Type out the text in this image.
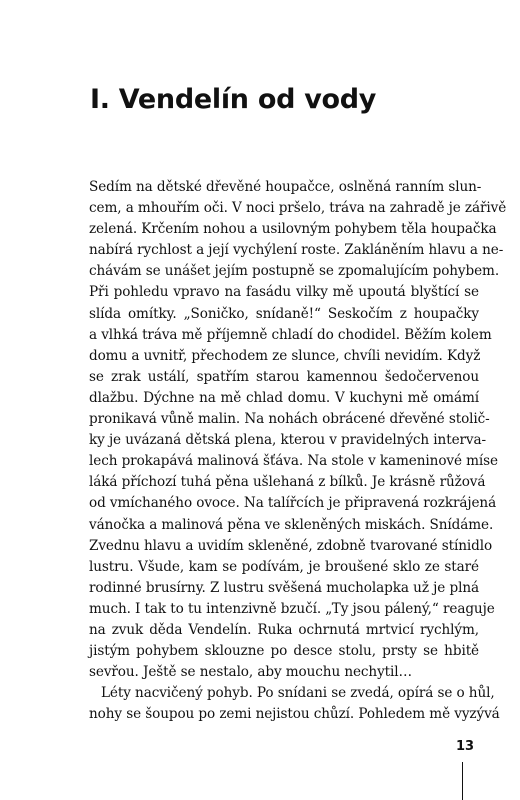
I. Vendelín od vody
Sedím na dětské dřevěné houpačce, oslněná ranním slun-
cem, a mhouřím oči. V noci pršelo, tráva na zahradě je zářivě
zelená. Krčením nohou a usilovným pohybem těla houpačka
nabírá rychlost a její vychýlení roste. Zakláněním hlavu a ne-
chávám se unášet jejím postupně se zpomalujícím pohybem.
Při pohledu vpravo na fasádu vilky mě upoutá blyštící se
slída omítky. „Soničko, snídaně!“ Seskočím z houpačky
a vlhká tráva mě příjemně chladí do chodidel. Běžím kolem
domu a uvnitř, přechodem ze slunce, chvíli nevidím. Když
se zrak ustálí, spatřím starou kamennou šedočervenou
dlažbu. Dýchne na mě chlad domu. V kuchyni mě omámí
pronikavá vůně malin. Na nohách obrácené dřevěné stolič-
ky je uvázaná dětská plena, kterou v pravidelných interva-
lech prokapává malinová šťáva. Na stole v kameninové míse
láká příchozí tuhá pěna ušlehaná z bílků. Je krásně růžová
od vmíchaného ovoce. Na talířcích je připravená rozkrájená
vánočka a malinová pěna ve skleněných miskách. Snídáme.
Zvednu hlavu a uvidím skleněné, zdobně tvarované stínidlo
lustru. Všude, kam se podívám, je broušené sklo ze staré
rodinné brusírny. Z lustru svěšená mucholapka už je plná
much. I tak to tu intenzivně bzučí. „Ty jsou pálený,“ reaguje
na zvuk děda Vendelín. Ruka ochrnutá mrtvicí rychlým,
jistým pohybem sklouzne po desce stolu, prsty se hbitě
sevřou. Ještě se nestalo, aby mouchu nechytil…
Léty nacvičený pohyb. Po snídani se zvedá, opírá se o hůl,
nohy se šoupou po zemi nejistou chůzí. Pohledem mě vyzývá
13
